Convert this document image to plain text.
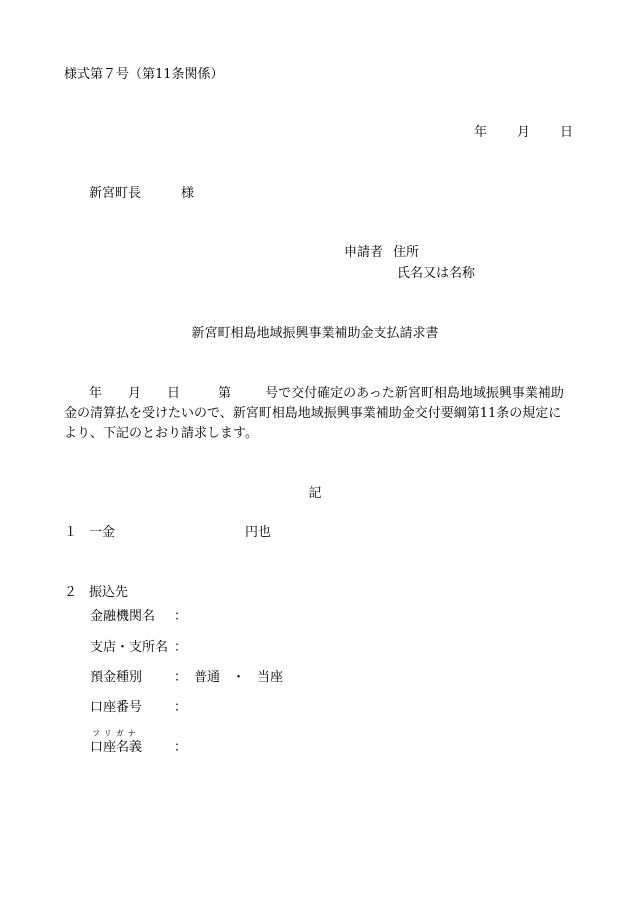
様式第７号（第11条関係）
年 月 日
新宮町長	様
申請者 住所
氏名又は名称
新宮町相島地域振興事業補助金支払請求書
年 月 日	第	号で交付確定のあった新宮町相島地域振興事業補助金の清算払を受けたいので、新宮町相島地域振興事業補助金交付要綱第11条の規定により、下記のとおり請求します。
記
１ 一金	円也
２ 振込先
金融機関名 ：
支店・支所名 ：
預金種別 ： 普通 ・ 当座
口座番号 ：
フリガナ
口座名義 ：
